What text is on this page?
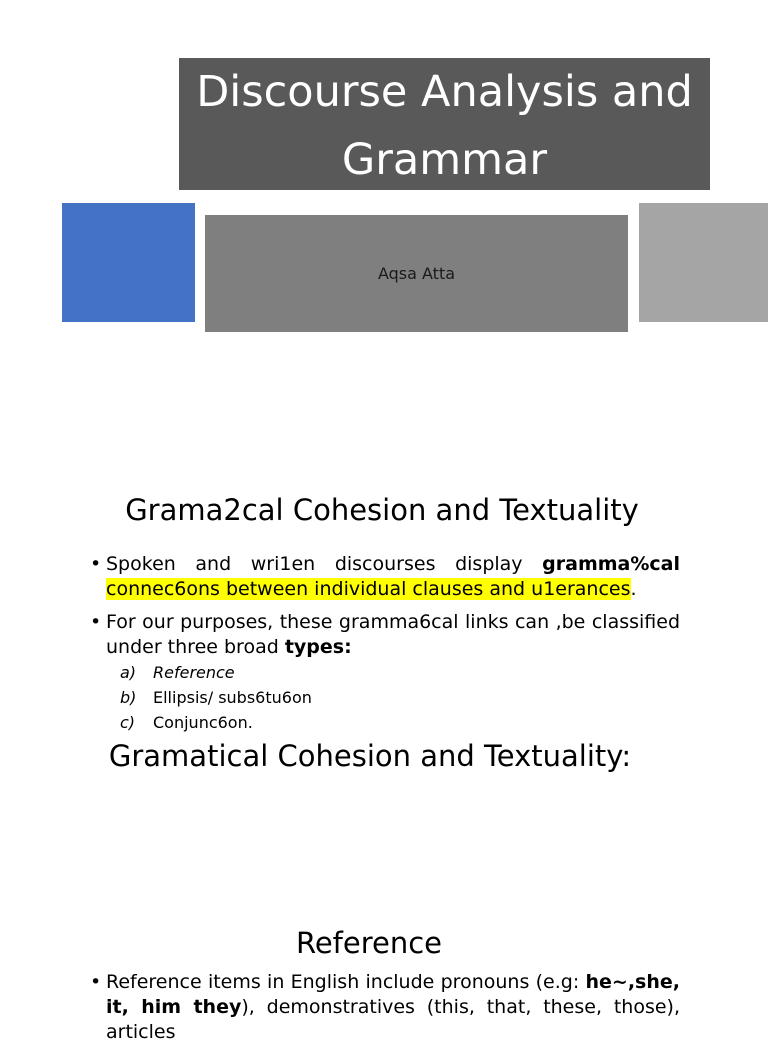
Discourse Analysis and
Grammar
Aqsa Atta
Grama2cal Cohesion and Textuality
• Spoken and wri1en discourses display gramma%cal connec6ons between individual clauses and u1erances.
• For our purposes, these gramma6cal links can ,be classified under three broad types:
a) Reference
b) Ellipsis/ subs6tu6on
c) Conjunc6on.
Gramatical Cohesion and Textuality:
Reference
• Reference items in English include pronouns (e.g: he~,she, it, him they), demonstratives (this, that, these, those), articles
